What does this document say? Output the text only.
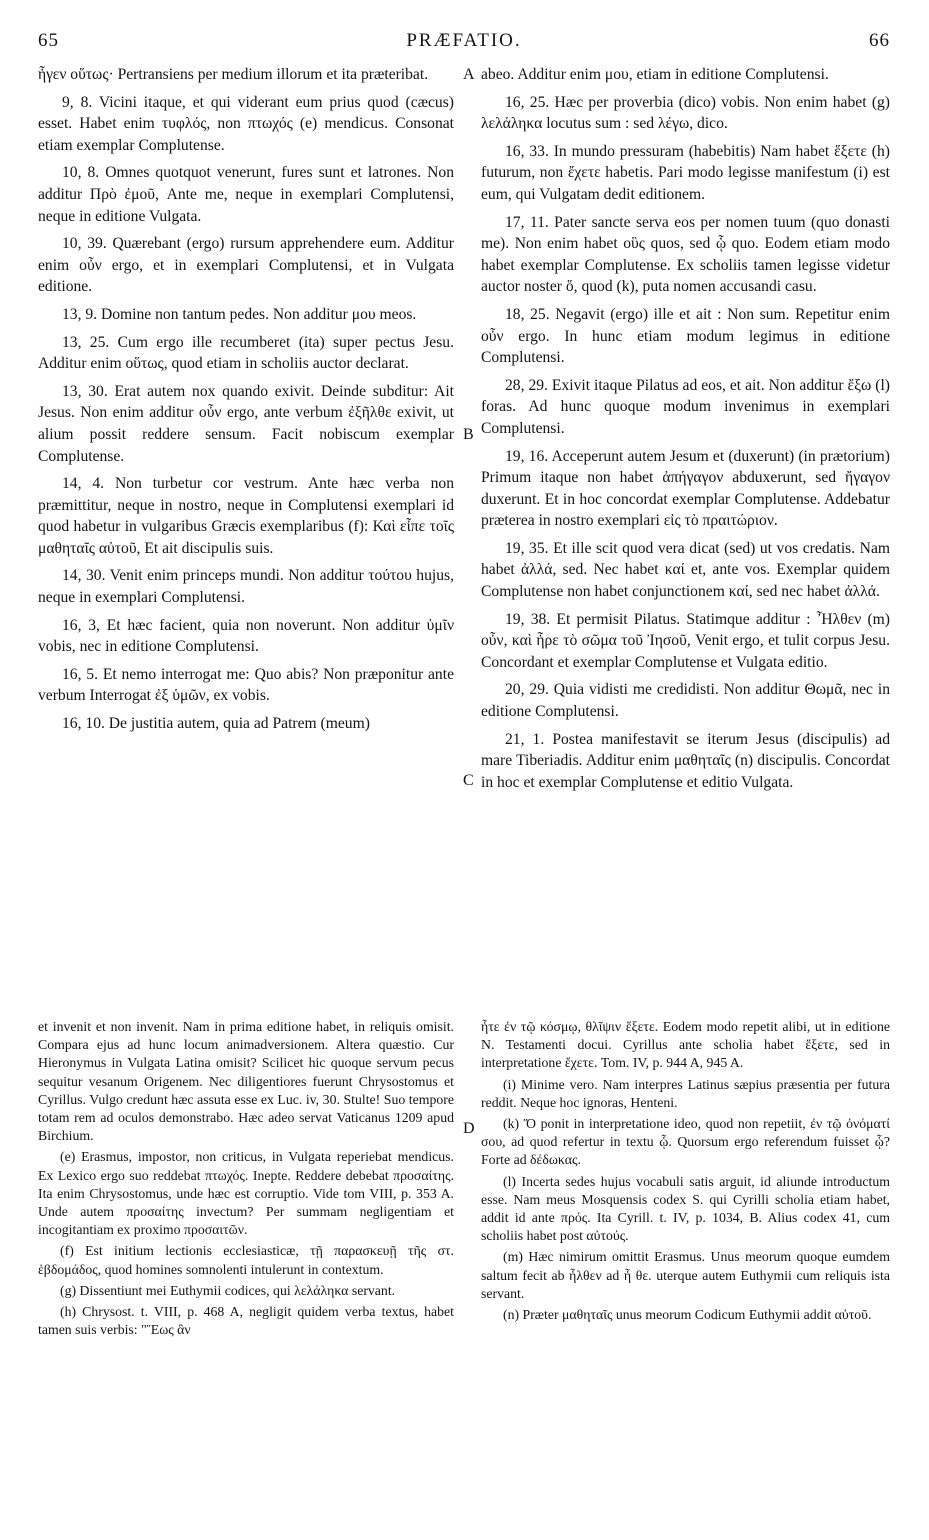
65	PRÆFATIO.	66

ἦγεν οὕτως· Pertransiens per medium illorum et ita præteribat.

9, 8. Vicini itaque, et qui viderant eum prius quod (cæcus) esset. Habet enim τυφλός, non πτωχός (e) mendicus. Consonat etiam exemplar Complutense.

10, 8. Omnes quotquot venerunt, fures sunt et latrones. Non additur Πρὸ ἐμοῦ, Ante me, neque in exemplari Complutensi, neque in editione Vulgata.

10, 39. Quærebant (ergo) rursum apprehendere eum. Additur enim οὖν ergo, et in exemplari Complutensi, et in Vulgata editione.

13, 9. Domine non tantum pedes. Non additur μου meos.

13, 25. Cum ergo ille recumberet (ita) super pectus Jesu. Additur enim οὕτως, quod etiam in scholiis auctor declarat.

13, 30. Erat autem nox quando exivit. Deinde subditur: Ait Jesus. Non enim additur οὖν ergo, ante verbum ἐξῆλθε exivit, ut alium possit reddere sensum. Facit nobiscum exemplar Complutense.

14, 4. Non turbetur cor vestrum. Ante hæc verba non præmittitur, neque in nostro, neque in Complutensi exemplari id quod habetur in vulgaribus Græcis exemplaribus (f): Καὶ εἶπε τοῖς μαθηταῖς αὐτοῦ, Et ait discipulis suis.

14, 30. Venit enim princeps mundi. Non additur τούτου hujus, neque in exemplari Complutensi.

16, 3, Et hæc facient, quia non noverunt. Non additur ὑμῖν vobis, nec in editione Complutensi.

16, 5. Et nemo interrogat me: Quo abis? Non præponitur ante verbum Interrogat ἐξ ὑμῶν, ex vobis.

16, 10. De justitia autem, quia ad Patrem (meum)

A
B
C
D

abeo. Additur enim μου, etiam in editione Complutensi.

16, 25. Hæc per proverbia (dico) vobis. Non enim habet (g) λελάληκα locutus sum : sed λέγω, dico.

16, 33. In mundo pressuram (habebitis) Nam habet ἕξετε (h) futurum, non ἔχετε habetis. Pari modo legisse manifestum (i) est eum, qui Vulgatam dedit editionem.

17, 11. Pater sancte serva eos per nomen tuum (quo donasti me). Non enim habet οὓς quos, sed ᾧ quo. Eodem etiam modo habet exemplar Complutense. Ex scholiis tamen legisse videtur auctor noster ὅ, quod (k), puta nomen accusandi casu.

18, 25. Negavit (ergo) ille et ait : Non sum. Repetitur enim οὖν ergo. In hunc etiam modum legimus in editione Complutensi.

28, 29. Exivit itaque Pilatus ad eos, et ait. Non additur ἔξω (l) foras. Ad hunc quoque modum invenimus in exemplari Complutensi.

19, 16. Acceperunt autem Jesum et (duxerunt) (in prætorium) Primum itaque non habet ἀπήγαγον abduxerunt, sed ἤγαγον duxerunt. Et in hoc concordat exemplar Complutense. Addebatur præterea in nostro exemplari εἰς τὸ πραιτώριον.

19, 35. Et ille scit quod vera dicat (sed) ut vos credatis. Nam habet ἀλλά, sed. Nec habet καί et, ante vos. Exemplar quidem Complutense non habet conjunctionem καί, sed nec habet ἀλλά.

19, 38. Et permisit Pilatus. Statimque additur : Ἦλθεν (m) οὖν, καὶ ἦρε τὸ σῶμα τοῦ Ἰησοῦ, Venit ergo, et tulit corpus Jesu. Concordant et exemplar Complutense et Vulgata editio.

20, 29. Quia vidisti me credidisti. Non additur Θωμᾶ, nec in editione Complutensi.

21, 1. Postea manifestavit se iterum Jesus (discipulis) ad mare Tiberiadis. Additur enim μαθηταῖς (n) discipulis. Concordat in hoc et exemplar Complutense et editio Vulgata.

et invenit et non invenit. Nam in prima editione habet, in reliquis omisit. Compara ejus ad hunc locum animadversionem. Altera quæstio. Cur Hieronymus in Vulgata Latina omisit? Scilicet hic quoque servum pecus sequitur vesanum Origenem. Nec diligentiores fuerunt Chrysostomus et Cyrillus. Vulgo credunt hæc assuta esse ex Luc. iv, 30. Stulte! Suo tempore totam rem ad oculos demonstrabo. Hæc adeo servat Vaticanus 1209 apud Birchium.

(e) Erasmus, impostor, non criticus, in Vulgata reperiebat mendicus. Ex Lexico ergo suo reddebat πτωχός. Inepte. Reddere debebat προσαίτης. Ita enim Chrysostomus, unde hæc est corruptio. Vide tom VIII, p. 353 A. Unde autem προσαίτης invectum? Per summam negligentiam et incogitantiam ex proximo προσαιτῶν.

(f) Est initium lectionis ecclesiasticæ, τῇ παρασκευῇ τῆς στ. ἑβδομάδος, quod homines somnolenti intulerunt in contextum.

(g) Dissentiunt mei Euthymii codices, qui λελάληκα servant.

(h) Chrysost. t. VIII, p. 468 A, negligit quidem verba textus, habet tamen suis verbis: "Ἕως ἂν

ἦτε ἐν τῷ κόσμῳ, θλῖψιν ἕξετε. Eodem modo repetit alibi, ut in editione N. Testamenti docui. Cyrillus ante scholia habet ἕξετε, sed in interpretatione ἔχετε. Tom. IV, p. 944 A, 945 A.

(i) Minime vero. Nam interpres Latinus sæpius præsentia per futura reddit. Neque hoc ignoras, Henteni.

(k) Ὅ ponit in interpretatione ideo, quod non repetiit, ἐν τῷ ὀνόματί σου, ad quod refertur in textu ᾧ. Quorsum ergo referendum fuisset ᾧ? Forte ad δέδωκας.

(l) Incerta sedes hujus vocabuli satis arguit, id aliunde introductum esse. Nam meus Mosquensis codex S. qui Cyrilli scholia etiam habet, addit id ante πρός. Ita Cyrill. t. IV, p. 1034, B. Alius codex 41, cum scholiis habet post αὐτούς.

(m) Hæc nimirum omittit Erasmus. Unus meorum quoque eumdem saltum fecit ab ἦλθεν ad ἦ θε. uterque autem Euthymii cum reliquis ista servant.

(n) Præter μαθηταῖς unus meorum Codicum Euthymii addit αὐτοῦ.
